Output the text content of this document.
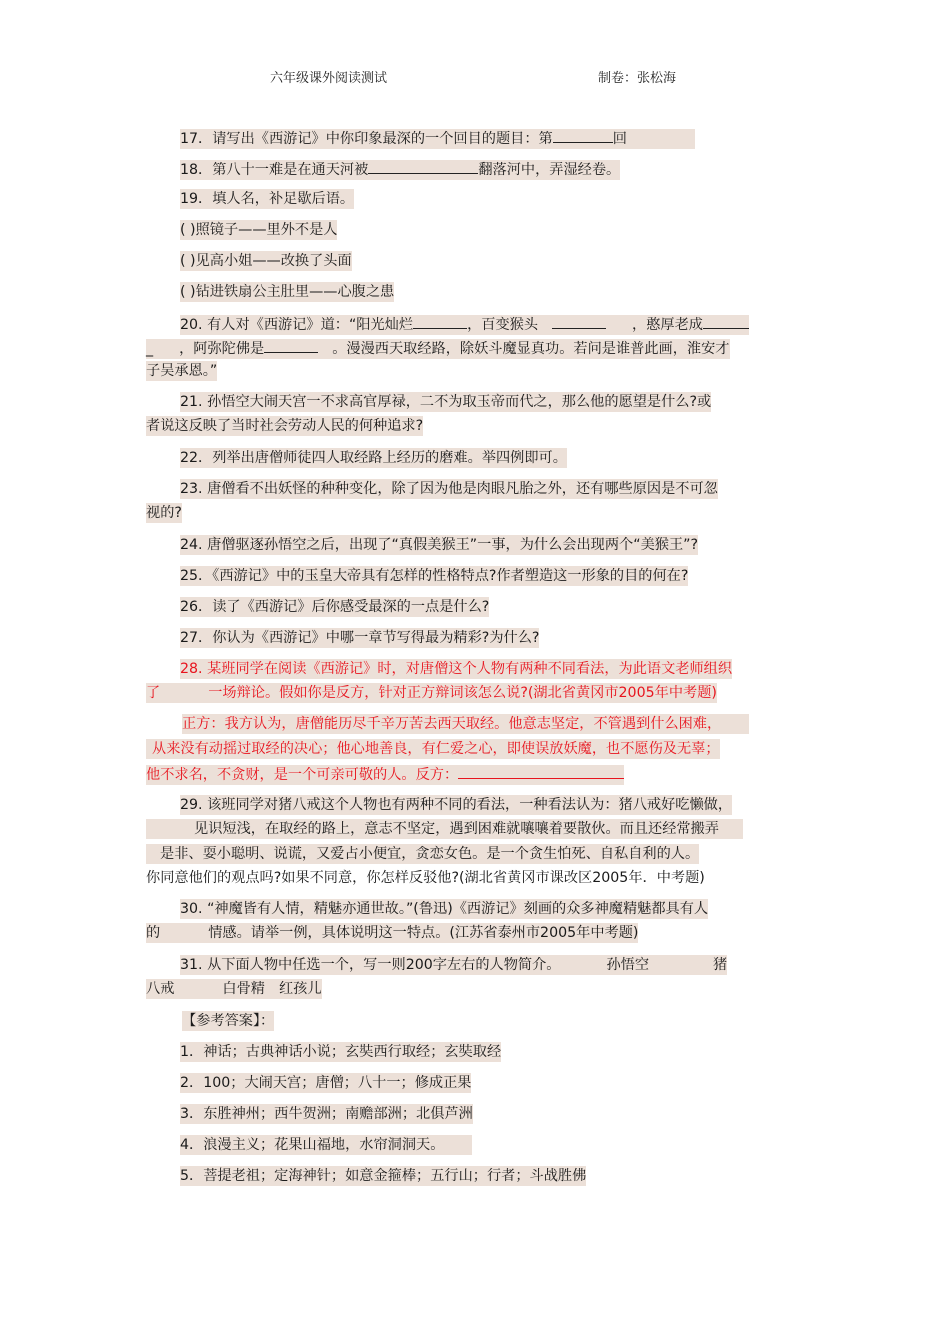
六年级课外阅读测试	制卷：张松海
17．请写出《西游记》中你印象最深的一个回目的题目：第	回
18．第八十一难是在通天河被	翻落河中，弄湿经卷。
19．填人名，补足歇后语。
( )照镜子——里外不是人
( )见高小姐——改换了头面
( )钻进铁扇公主肚里——心腹之患
20. 有人对《西游记》道：“阳光灿烂	，百变猴头	，憨厚老成
_ ，阿弥陀佛是	。漫漫西天取经路，除妖斗魔显真功。若问是谁普此画，淮安才
子吴承恩。”
21. 孙悟空大闹天宫一不求高官厚禄，二不为取玉帝而代之，那么他的愿望是什么?或
者说这反映了当时社会劳动人民的何种追求?
22．列举出唐僧师徒四人取经路上经历的磨难。举四例即可。
23. 唐僧看不出妖怪的种种变化，除了因为他是肉眼凡胎之外，还有哪些原因是不可忽
视的?
24. 唐僧驱逐孙悟空之后，出现了“真假美猴王”一事，为什么会出现两个“美猴王”?
25．《西游记》中的玉皇大帝具有怎样的性格特点?作者塑造这一形象的目的何在?
26．读了《西游记》后你感受最深的一点是什么?
27．你认为《西游记》中哪一章节写得最为精彩?为什么?
28. 某班同学在阅读《西游记》时，对唐僧这个人物有两种不同看法，为此语文老师组织
了	一场辩论。假如你是反方，针对正方辩词该怎么说?(湖北省黄冈市2005年中考题)
正方：我方认为，唐僧能历尽千辛万苦去西天取经。他意志坚定，不管遇到什么困难，
从来没有动摇过取经的决心；他心地善良，有仁爱之心，即使误放妖魔，也不愿伤及无辜；
他不求名，不贪财，是一个可亲可敬的人。反方：
29. 该班同学对猪八戒这个人物也有两种不同的看法，一种看法认为：猪八戒好吃懒做，
见识短浅，在取经的路上，意志不坚定，遇到困难就嚷嚷着要散伙。而且还经常搬弄
是非、耍小聪明、说谎，又爱占小便宜，贪恋女色。是一个贪生怕死、自私自利的人。
你同意他们的观点吗?如果不同意，你怎样反驳他?(湖北省黄冈市课改区2005年．中考题)
30. “神魔皆有人情，精魅亦通世故。”(鲁迅)《西游记》刻画的众多神魔精魅都具有人
的	情感。请举一例，具体说明这一特点。(江苏省泰州市2005年中考题)
31. 从下面人物中任选一个，写一则200字左右的人物简介。	孙悟空	猪
八戒	白骨精 红孩儿
【参考答案】：
1．神话；古典神话小说；玄奘西行取经；玄奘取经
2．100；大闹天宫；唐僧；八十一；修成正果
3．东胜神州；西牛贺洲；南赡部洲；北俱芦洲
4．浪漫主义；花果山福地，水帘洞洞天。
5．菩提老祖；定海神针；如意金箍棒；五行山；行者；斗战胜佛
